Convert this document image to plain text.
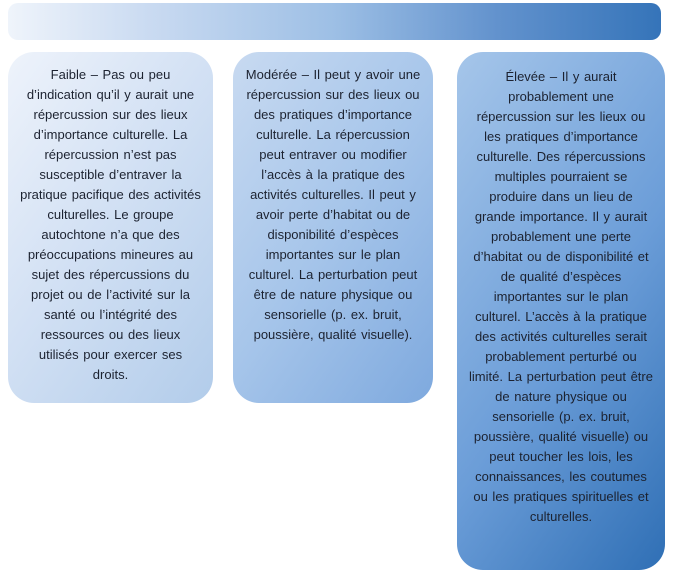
Faible – Pas ou peu d’indication qu’il y aurait une répercussion sur des lieux d’importance culturelle. La répercussion n’est pas susceptible d’entraver la pratique pacifique des activités culturelles. Le groupe autochtone n’a que des préoccupations mineures au sujet des répercussions du projet ou de l’activité sur la santé ou l’intégrité des ressources ou des lieux utilisés pour exercer ses droits.
Modérée – Il peut y avoir une répercussion sur des lieux ou des pratiques d’importance culturelle. La répercussion peut entraver ou modifier l’accès à la pratique des activités culturelles. Il peut y avoir perte d’habitat ou de disponibilité d’espèces importantes sur le plan culturel. La perturbation peut être de nature physique ou sensorielle (p. ex. bruit, poussière, qualité visuelle).
Élevée – Il y aurait probablement une répercussion sur les lieux ou les pratiques d’importance culturelle. Des répercussions multiples pourraient se produire dans un lieu de grande importance. Il y aurait probablement une perte d’habitat ou de disponibilité et de qualité d’espèces importantes sur le plan culturel. L’accès à la pratique des activités culturelles serait probablement perturbé ou limité. La perturbation peut être de nature physique ou sensorielle (p. ex. bruit, poussière, qualité visuelle) ou peut toucher les lois, les connaissances, les coutumes ou les pratiques spirituelles et culturelles.
